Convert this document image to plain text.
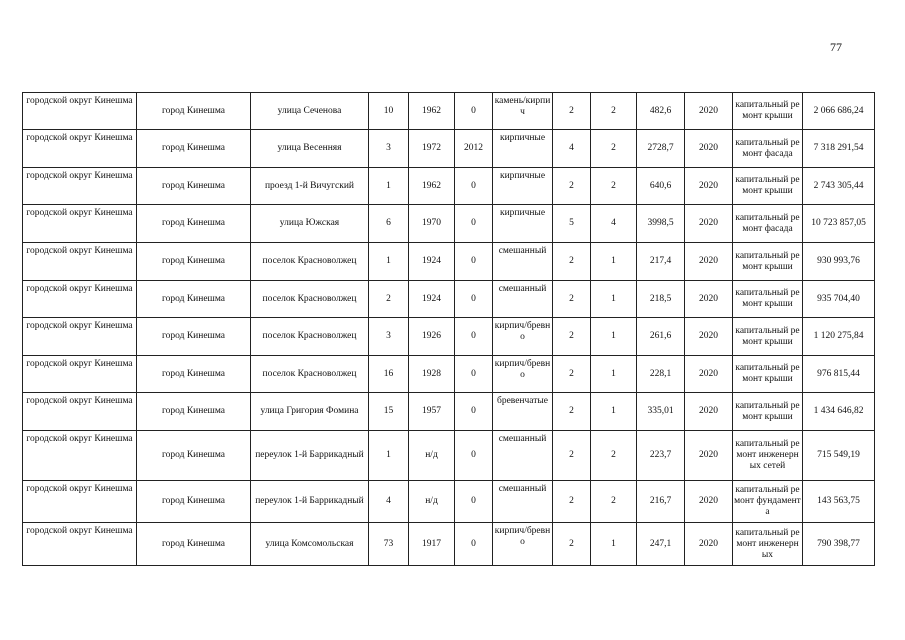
77
городской округ Кинешма	город Кинешма	улица Сеченова	10	1962	0	камень/кирпич	2	2	482,6	2020	капитальный ремонт крыши	2 066 686,24
городской округ Кинешма	город Кинешма	улица Весенняя	3	1972	2012	кирпичные	4	2	2728,7	2020	капитальный ремонт фасада	7 318 291,54
городской округ Кинешма	город Кинешма	проезд 1-й Вичугский	1	1962	0	кирпичные	2	2	640,6	2020	капитальный ремонт крыши	2 743 305,44
городской округ Кинешма	город Кинешма	улица Южская	6	1970	0	кирпичные	5	4	3998,5	2020	капитальный ремонт фасада	10 723 857,05
городской округ Кинешма	город Кинешма	поселок Красноволжец	1	1924	0	смешанный	2	1	217,4	2020	капитальный ремонт крыши	930 993,76
городской округ Кинешма	город Кинешма	поселок Красноволжец	2	1924	0	смешанный	2	1	218,5	2020	капитальный ремонт крыши	935 704,40
городской округ Кинешма	город Кинешма	поселок Красноволжец	3	1926	0	кирпич/бревно	2	1	261,6	2020	капитальный ремонт крыши	1 120 275,84
городской округ Кинешма	город Кинешма	поселок Красноволжец	16	1928	0	кирпич/бревно	2	1	228,1	2020	капитальный ремонт крыши	976 815,44
городской округ Кинешма	город Кинешма	улица Григория Фомина	15	1957	0	бревенчатые	2	1	335,01	2020	капитальный ремонт крыши	1 434 646,82
городской округ Кинешма	город Кинешма	переулок 1-й Баррикадный	1	н/д	0	смешанный	2	2	223,7	2020	капитальный ремонт инженерных сетей	715 549,19
городской округ Кинешма	город Кинешма	переулок 1-й Баррикадный	4	н/д	0	смешанный	2	2	216,7	2020	капитальный ремонт фундамента	143 563,75
городской округ Кинешма	город Кинешма	улица Комсомольская	73	1917	0	кирпич/бревно	2	1	247,1	2020	капитальный ремонт инженерных	790 398,77
